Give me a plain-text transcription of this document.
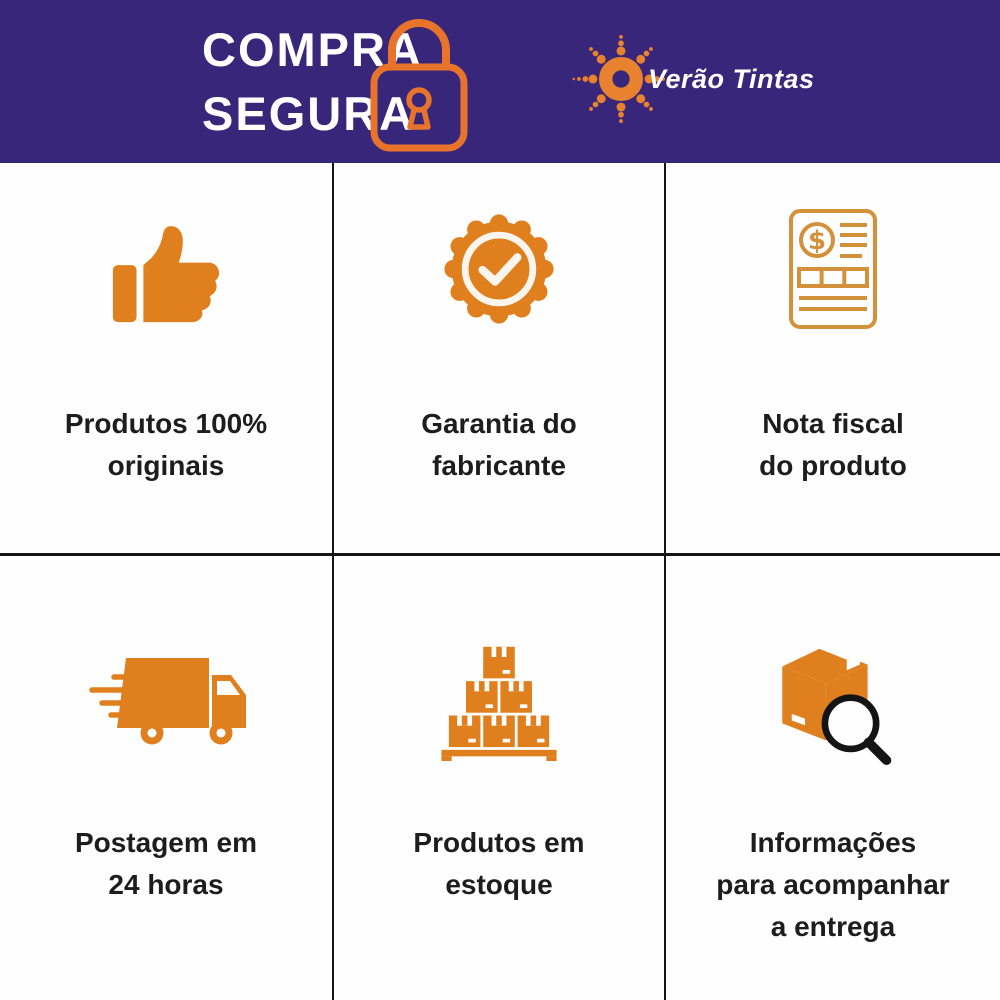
COMPRA
SEGURA
Verão Tintas
Produtos 100%
originais
Garantia do
fabricante
$
Nota fiscal
do produto
Postagem em
24 horas
Produtos em
estoque
Informações
para acompanhar
a entrega
